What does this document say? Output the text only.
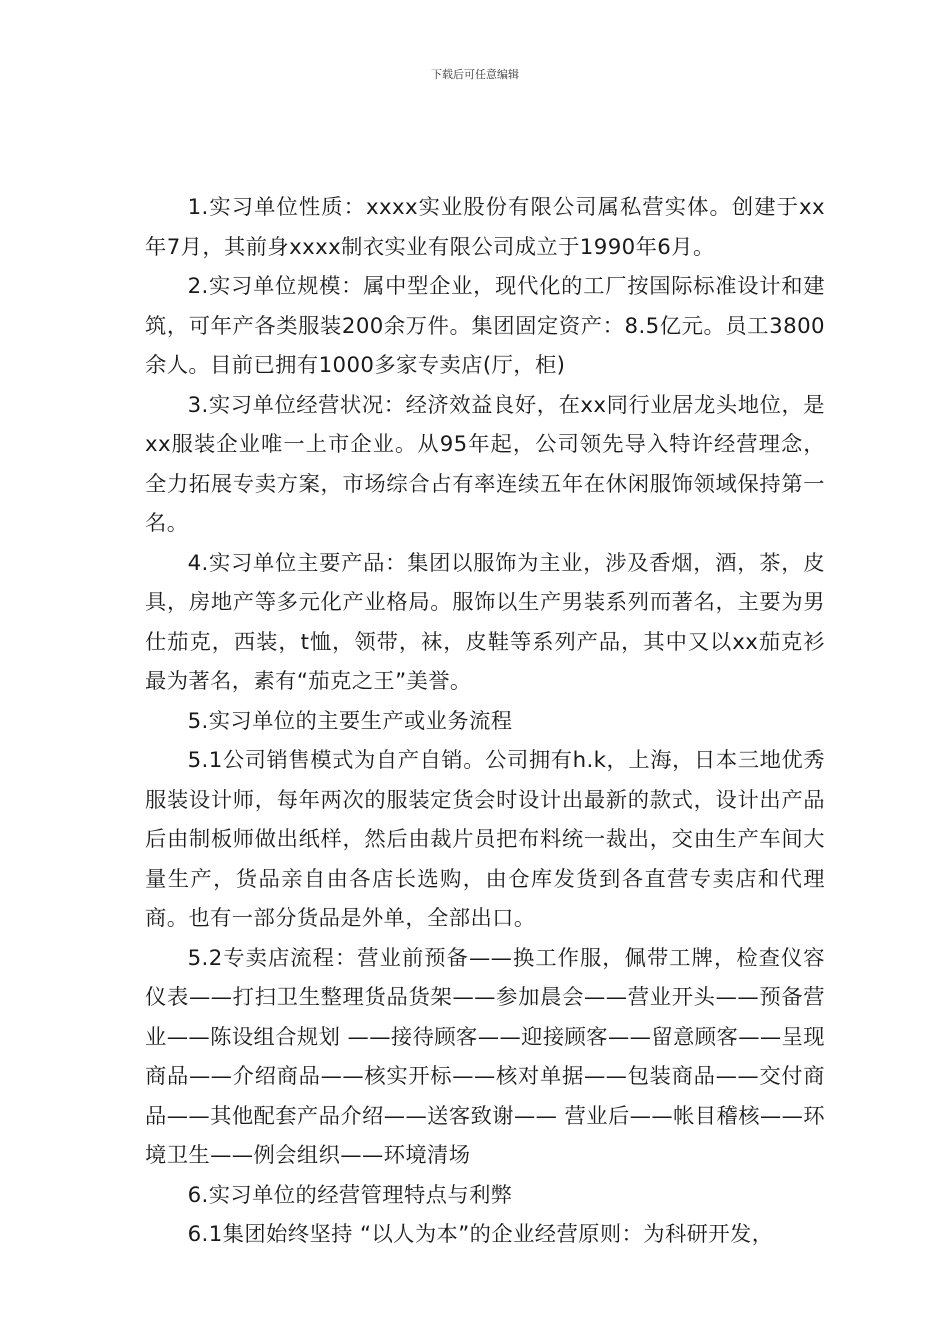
下载后可任意编辑

1.实习单位性质：xxxx实业股份有限公司属私营实体。创建于xx年7月，其前身xxxx制衣实业有限公司成立于1990年6月。

2.实习单位规模：属中型企业，现代化的工厂按国际标准设计和建筑，可年产各类服装200余万件。集团固定资产：8.5亿元。员工3800余人。目前已拥有1000多家专卖店(厅，柜)

3.实习单位经营状况：经济效益良好，在xx同行业居龙头地位，是xx服装企业唯一上市企业。从95年起，公司领先导入特许经营理念，全力拓展专卖方案，市场综合占有率连续五年在休闲服饰领域保持第一名。

4.实习单位主要产品：集团以服饰为主业，涉及香烟，酒，茶，皮具，房地产等多元化产业格局。服饰以生产男装系列而著名，主要为男仕茄克，西装，t恤，领带，袜，皮鞋等系列产品，其中又以xx茄克衫最为著名，素有“茄克之王”美誉。

5.实习单位的主要生产或业务流程

5.1公司销售模式为自产自销。公司拥有h.k，上海，日本三地优秀服装设计师，每年两次的服装定货会时设计出最新的款式，设计出产品后由制板师做出纸样，然后由裁片员把布料统一裁出，交由生产车间大量生产，货品亲自由各店长选购，由仓库发货到各直营专卖店和代理商。也有一部分货品是外单，全部出口。

5.2专卖店流程：营业前预备——换工作服，佩带工牌，检查仪容仪表——打扫卫生整理货品货架——参加晨会——营业开头——预备营业——陈设组合规划 ——接待顾客——迎接顾客——留意顾客——呈现商品——介绍商品——核实开标——核对单据——包装商品——交付商品——其他配套产品介绍——送客致谢—— 营业后——帐目稽核——环境卫生——例会组织——环境清场

6.实习单位的经营管理特点与利弊

6.1集团始终坚持 “以人为本”的企业经营原则：为科研开发，
